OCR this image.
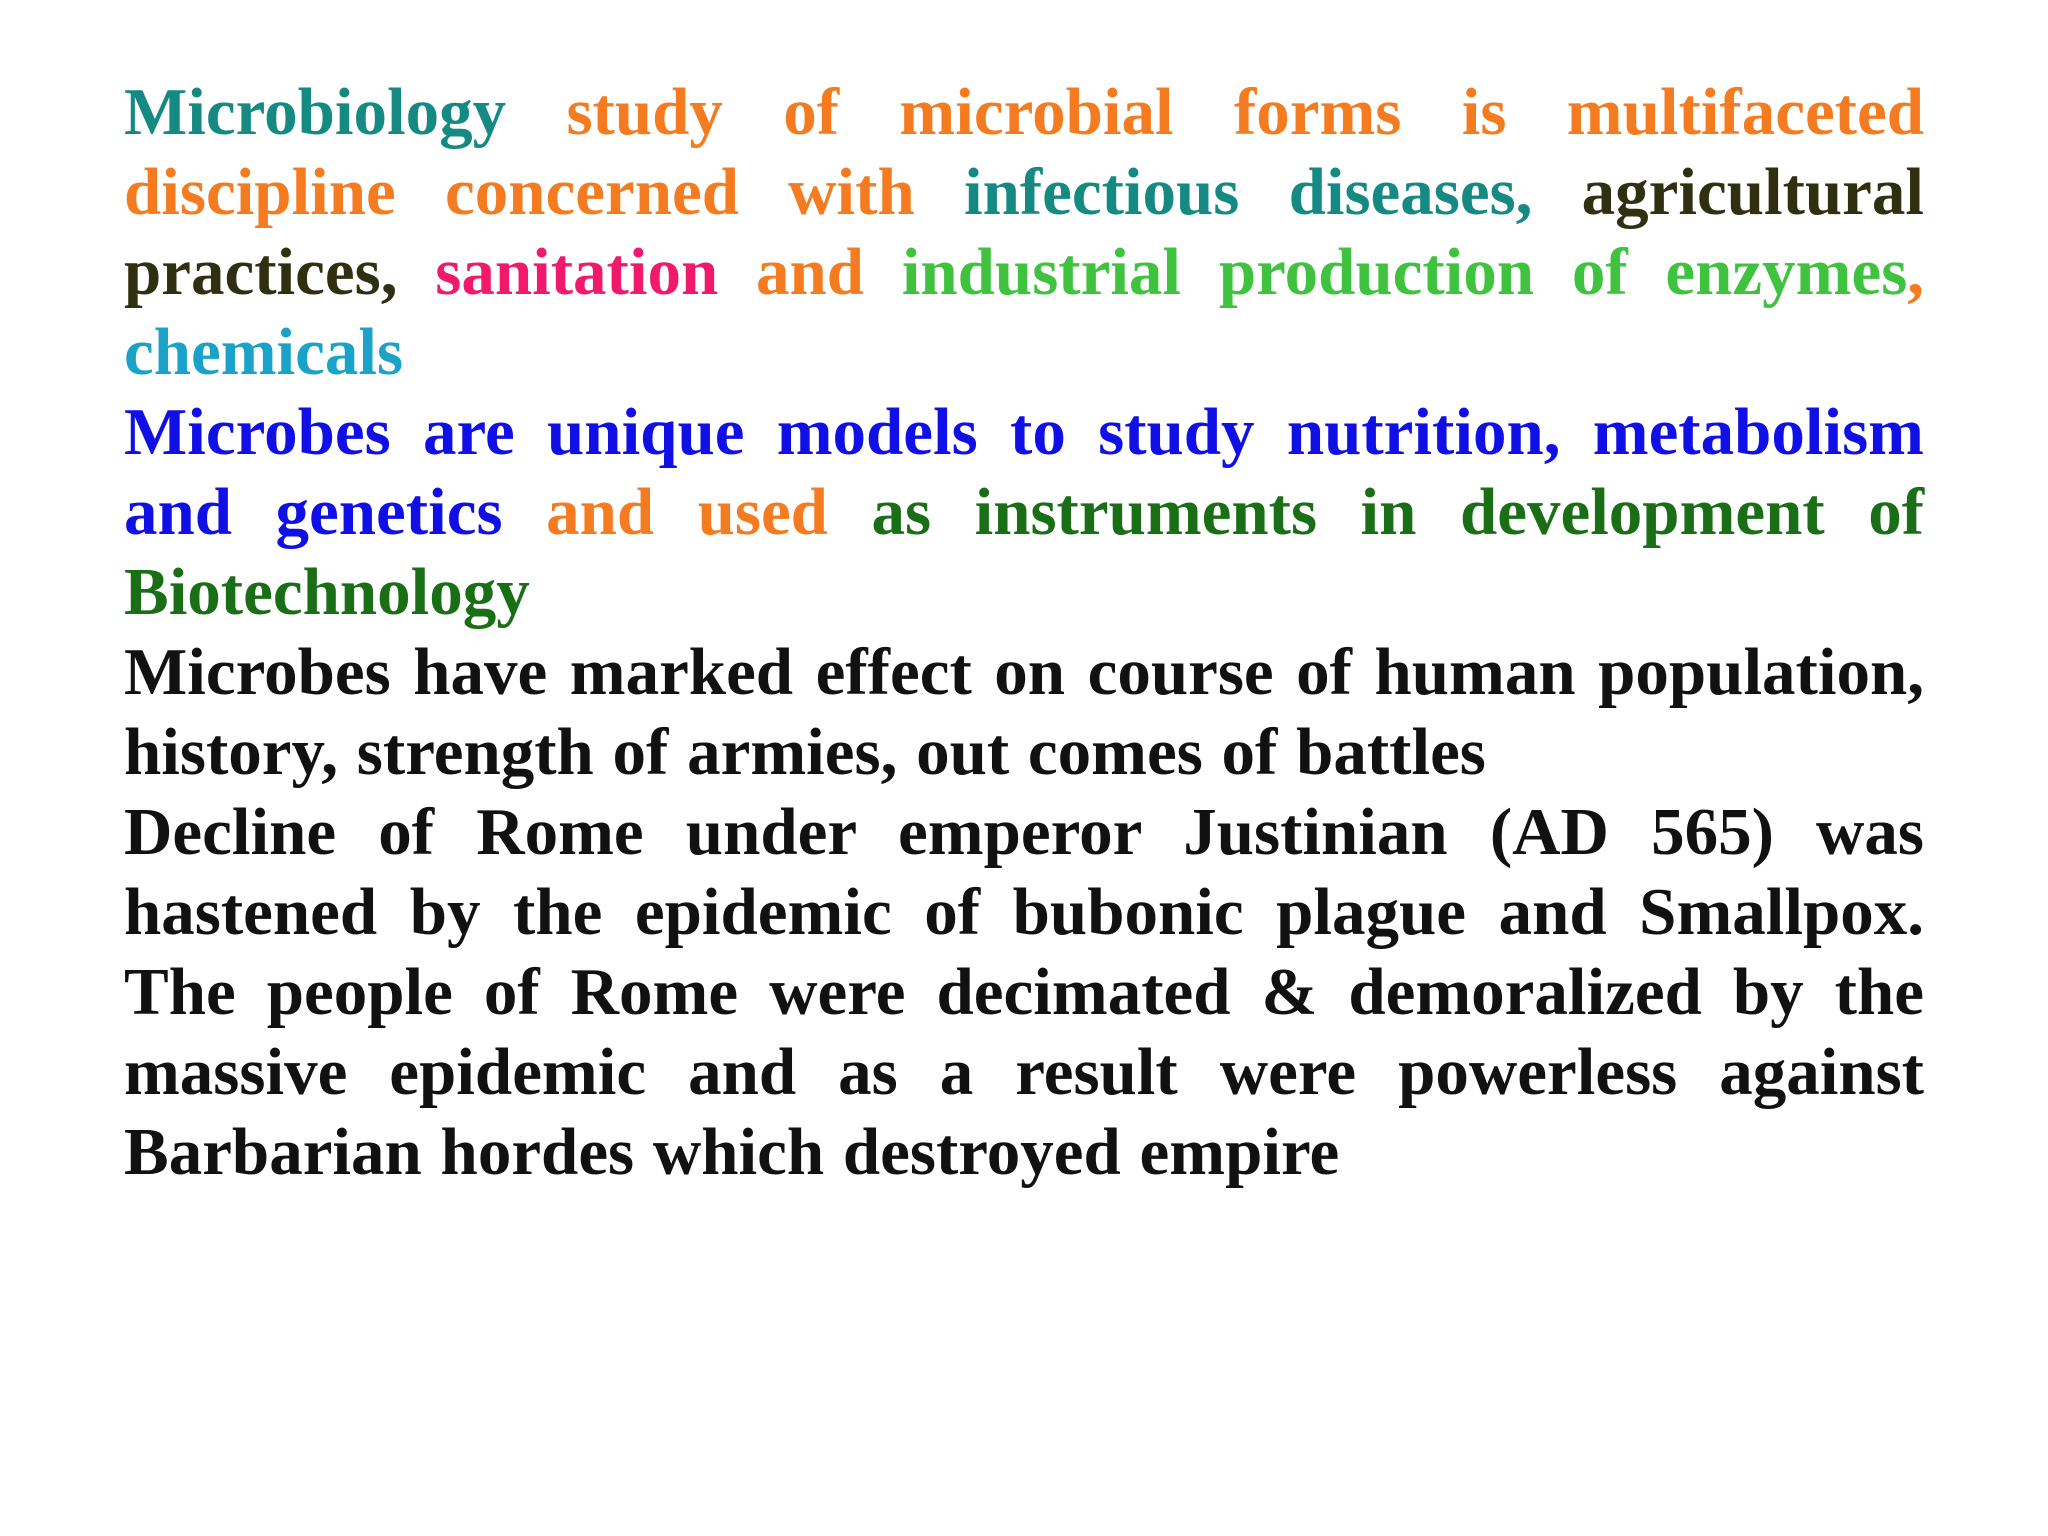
Microbiology study of microbial forms is multifaceted discipline concerned with infectious diseases, agricultural practices, sanitation and industrial production of enzymes, chemicals

Microbes are unique models to study nutrition, metabolism and genetics and used as instruments in development of Biotechnology

Microbes have marked effect on course of human population, history, strength of armies, out comes of battles

Decline of Rome under emperor Justinian (AD 565) was hastened by the epidemic of bubonic plague and Smallpox. The people of Rome were decimated & demoralized by the massive epidemic and as a result were powerless against Barbarian hordes which destroyed empire
